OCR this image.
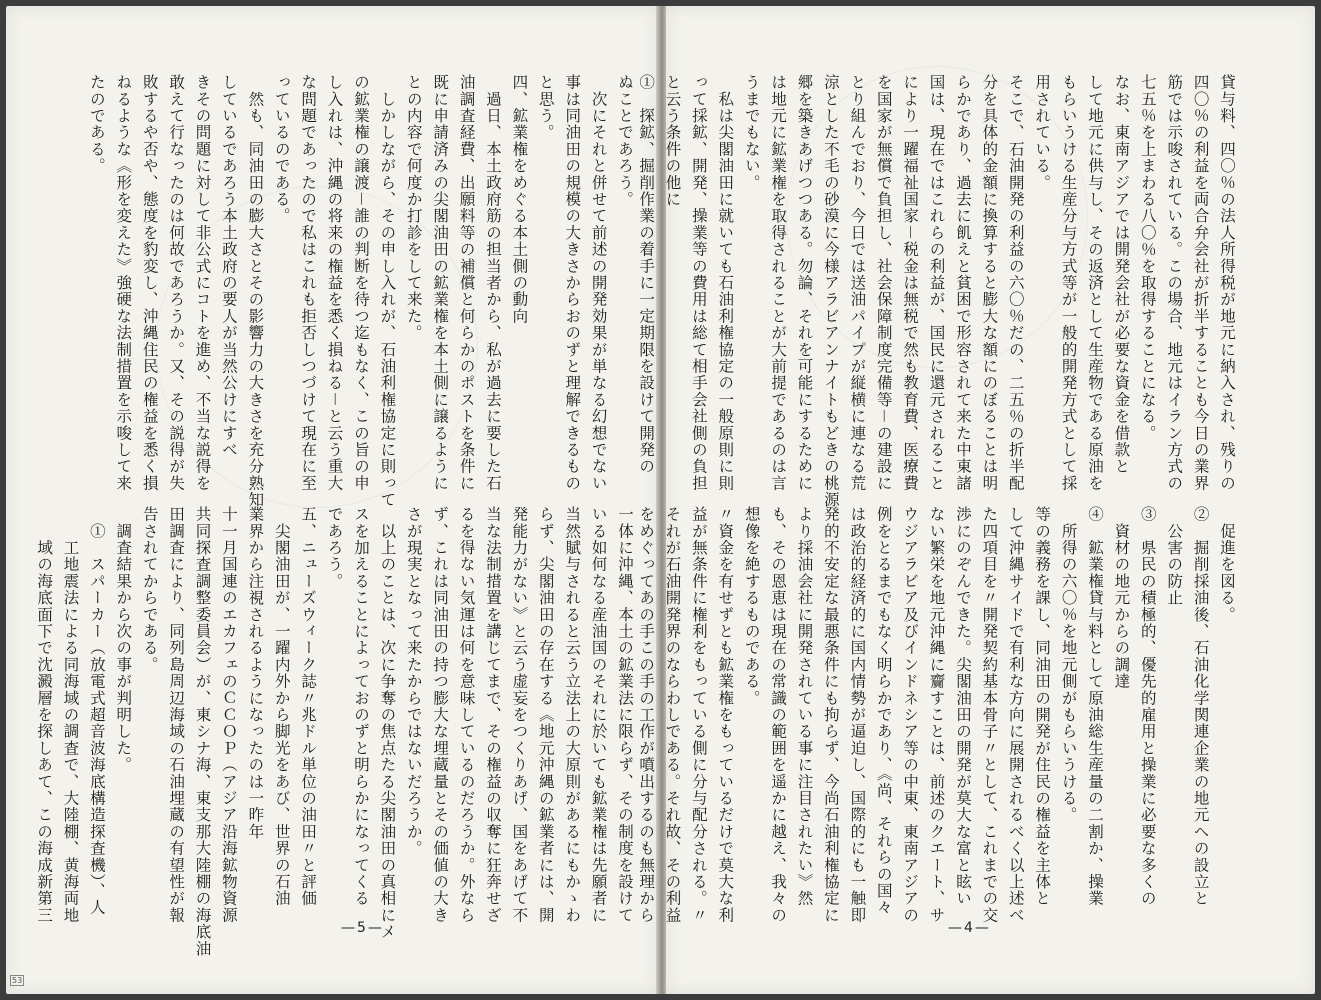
ぬことであろう。
　次にそれと併せて前述の開発効果が単なる幻想でない
事は同油田の規模の大きさからおのずと理解できるもの
と思う。
四、鉱業権をめぐる本土側の動向
　過日、本土政府筋の担当者から、私が過去に要した石
油調査経費、出願料等の補償と何らかのポストを条件に
既に申請済みの尖閣油田の鉱業権を本土側に譲るように
との内容で何度か打診をして来た。
　しかしながら、その申し入れが、石油利権協定に則って
の鉱業権の譲渡－誰の判断を待つ迄もなく、この旨の申
し入れは、沖縄の将来の権益を悉く損ねる－と云う重大
な問題であったので私はこれも拒否しつづけて現在に至
っているのである。
　然も、同油田の膨大さとその影響力の大きさを充分熟知
しているであろう本土政府の要人が当然公けにすべ
きその問題に対して非公式にコトを進め、不当な説得を
敢えて行なったのは何故であろうか。又、その説得が失
敗するや否や、態度を豹変し、沖縄住民の権益を悉く損
ねるような《形を変えた》強硬な法制措置を示唆して来
たのである。
一体に沖縄、本土の鉱業法に限らず、その制度を設けて
いる如何なる産油国のそれに於いても鉱業権は先願者に
当然賦与されると云う立法上の大原則があるにもかゝわ
らず、尖閣油田の存在する《地元沖縄の鉱業者には、開
発能力がない》と云う虚妄をつくりあげ、国をあげて不
当な法制措置を講じてまで、その権益の収奪に狂奔せざ
るを得ない気運は何を意味しているのだろうか。外なら
ず、これは同油田の持つ膨大な埋蔵量とその価値の大き
さが現実となって来たからではないだろうか。
　以上のことは、次に争奪の焦点たる尖閣油田の真相にメ
スを加えることによっておのずと明らかになってくる
であろう。
五、ニューズウィーク誌〃兆ドル単位の油田〃と評価
　尖閣油田が、一躍内外から脚光をあび、世界の石油
業界から注視されるようになったのは一昨年
十一月国連のエカフェのＣＣＯＰ（アジア沿海鉱物資源
共同探査調整委員会）が、東シナ海、東支那大陸棚の海底油
田調査により、同列島周辺海域の石油埋蔵の有望性が報
告されてからである。
　調査結果から次の事が判明した。
　①　スパーカー（放電式超音波海底構造探査機）、人
　　工地震法による同海域の調査で、大陸棚、黄海両地
　　域の海底面下で沈澱層を探しあて、この海成新第三
—5—
53
貸与料、四〇％の法人所得税が地元に納入され、残りの
四〇％の利益を両合弁会社が折半することも今日の業界
筋では示唆されている。この場合、地元はイラン方式の
七五％を上まわる八〇％を取得することになる。
なお、東南アジアでは開発会社が必要な資金を借款と
して地元に供与し、その返済として生産物である原油を
もらいうける生産分与方式等が一般的開発方式として採
用されている。
そこで、石油開発の利益の六〇％だの、二五％の折半配
分を具体的金額に換算すると膨大な額にのぼることは明
らかであり、過去に飢えと貧困で形容されて来た中東諸
国は、現在ではこれらの利益が、国民に還元されること
により一躍福祉国家－税金は無税で然も教育費、医療費
を国家が無償で負担し、社会保障制度完備等－の建設に
とり組んでおり、今日では送油パイプが縦横に連なる荒
涼とした不毛の砂漠に今様アラビアンナイトもどきの桃源
郷を築きあげつつある。勿論、それを可能にするために
は地元に鉱業権を取得されることが大前提であるのは言
うまでもない。
　私は尖閣油田に就いても石油利権協定の一般原則に則
って採鉱、開発、操業等の費用は総て相手会社側の負担
と云う条件の他に
①　探鉱、掘削作業の着手に一定期限を設けて開発の
　促進を図る。
②　掘削採油後、石油化学関連企業の地元への設立と
　公害の防止
③　県民の積極的、優先的雇用と操業に必要な多くの
　資材の地元からの調達
④　鉱業権貸与料として原油総生産量の二割か、操業
　所得の六〇％を地元側がもらいうける。
等の義務を課し、同油田の開発が住民の権益を主体と
して沖縄サイドで有利な方向に展開されるべく以上述べ
た四項目を〃開発契約基本骨子〃として、これまでの交
渉にのぞんできた。尖閣油田の開発が莫大な富と眩い
ない繁栄を地元沖縄に齎すことは、前述のクエート、サ
ウジアラビア及びインドネシア等の中東、東南アジアの
例をとるまでもなく明らかであり、《尚、それらの国々
は政治的経済的に国内情勢が逼迫し、国際的にも一触即
発的不安定な最悪条件にも拘らず、今尚石油利権協定に
より採油会社に開発されている事に注目されたい》然
も、その恩恵は現在の常識の範囲を遥かに越え、我々の
想像を絶するものである。
〃資金を有せずとも鉱業権をもっているだけで莫大な利
益が無条件に権利をもっている側に分与配分される。〃
それが石油開発界のならわしである。それ故、その利益
をめぐってあの手この手の工作が噴出するのも無理から
—4—
